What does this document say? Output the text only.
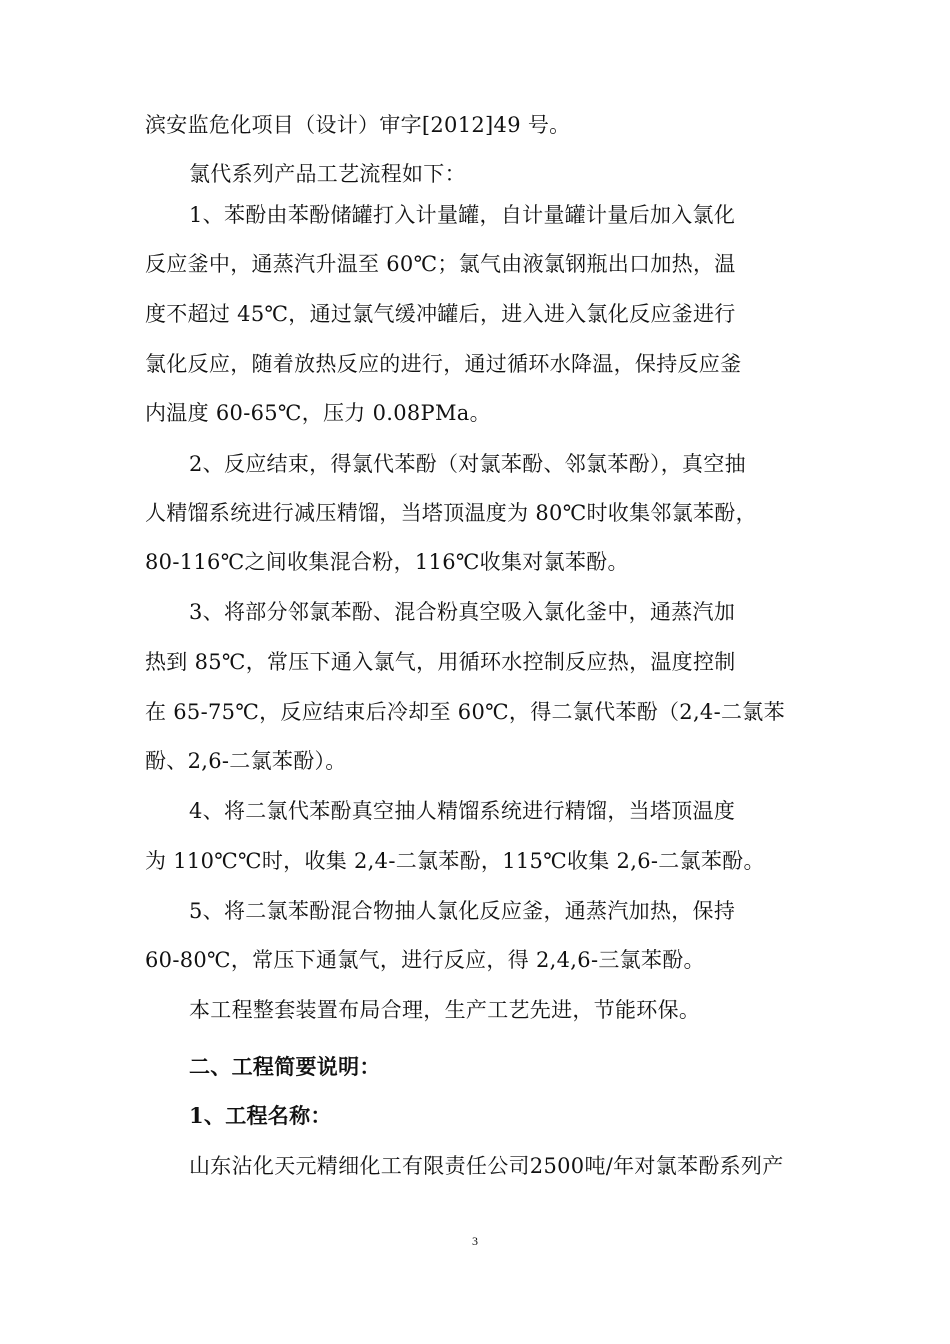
滨安监危化项目（设计）审字[2012]49 号。
氯代系列产品工艺流程如下：
1、苯酚由苯酚储罐打入计量罐，自计量罐计量后加入氯化
反应釜中，通蒸汽升温至 60℃；氯气由液氯钢瓶出口加热，温
度不超过 45℃，通过氯气缓冲罐后，进入进入氯化反应釜进行
氯化反应，随着放热反应的进行，通过循环水降温，保持反应釜
内温度 60-65℃，压力 0.08PMa。
2、反应结束，得氯代苯酚（对氯苯酚、邻氯苯酚），真空抽
人精馏系统进行减压精馏，当塔顶温度为 80℃时收集邻氯苯酚，
80-116℃之间收集混合粉，116℃收集对氯苯酚。
3、将部分邻氯苯酚、混合粉真空吸入氯化釜中，通蒸汽加
热到 85℃，常压下通入氯气，用循环水控制反应热，温度控制
在 65-75℃，反应结束后冷却至 60℃，得二氯代苯酚（2,4-二氯苯
酚、2,6-二氯苯酚）。
4、将二氯代苯酚真空抽人精馏系统进行精馏，当塔顶温度
为 110℃℃时，收集 2,4-二氯苯酚，115℃收集 2,6-二氯苯酚。
5、将二氯苯酚混合物抽人氯化反应釜，通蒸汽加热，保持
60-80℃，常压下通氯气，进行反应，得 2,4,6-三氯苯酚。
本工程整套装置布局合理，生产工艺先进，节能环保。
二、工程简要说明：
1、工程名称：
山东沾化天元精细化工有限责任公司2500吨/年对氯苯酚系列产
3
